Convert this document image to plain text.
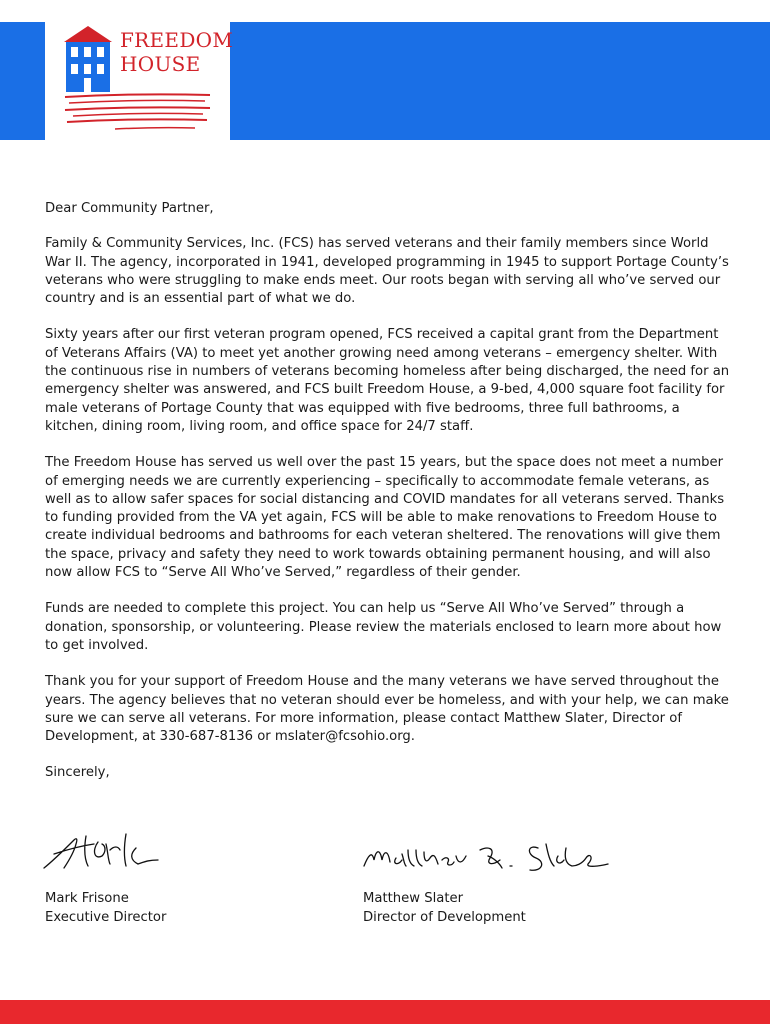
FREEDOM
HOUSE

Dear Community Partner,

Family & Community Services, Inc. (FCS) has served veterans and their family members since World War II. The agency, incorporated in 1941, developed programming in 1945 to support Portage County’s veterans who were struggling to make ends meet. Our roots began with serving all who’ve served our country and is an essential part of what we do.

Sixty years after our first veteran program opened, FCS received a capital grant from the Department of Veterans Affairs (VA) to meet yet another growing need among veterans – emergency shelter. With the continuous rise in numbers of veterans becoming homeless after being discharged, the need for an emergency shelter was answered, and FCS built Freedom House, a 9-bed, 4,000 square foot facility for male veterans of Portage County that was equipped with five bedrooms, three full bathrooms, a kitchen, dining room, living room, and office space for 24/7 staff.

The Freedom House has served us well over the past 15 years, but the space does not meet a number of emerging needs we are currently experiencing – specifically to accommodate female veterans, as well as to allow safer spaces for social distancing and COVID mandates for all veterans served. Thanks to funding provided from the VA yet again, FCS will be able to make renovations to Freedom House to create individual bedrooms and bathrooms for each veteran sheltered. The renovations will give them the space, privacy and safety they need to work towards obtaining permanent housing, and will also now allow FCS to “Serve All Who’ve Served,” regardless of their gender.

Funds are needed to complete this project. You can help us “Serve All Who’ve Served” through a donation, sponsorship, or volunteering. Please review the materials enclosed to learn more about how to get involved.

Thank you for your support of Freedom House and the many veterans we have served throughout the years. The agency believes that no veteran should ever be homeless, and with your help, we can make sure we can serve all veterans. For more information, please contact Matthew Slater, Director of Development, at 330-687-8136 or mslater@fcsohio.org.

Sincerely,

Mark Frisone
Executive Director
Matthew Slater
Director of Development
